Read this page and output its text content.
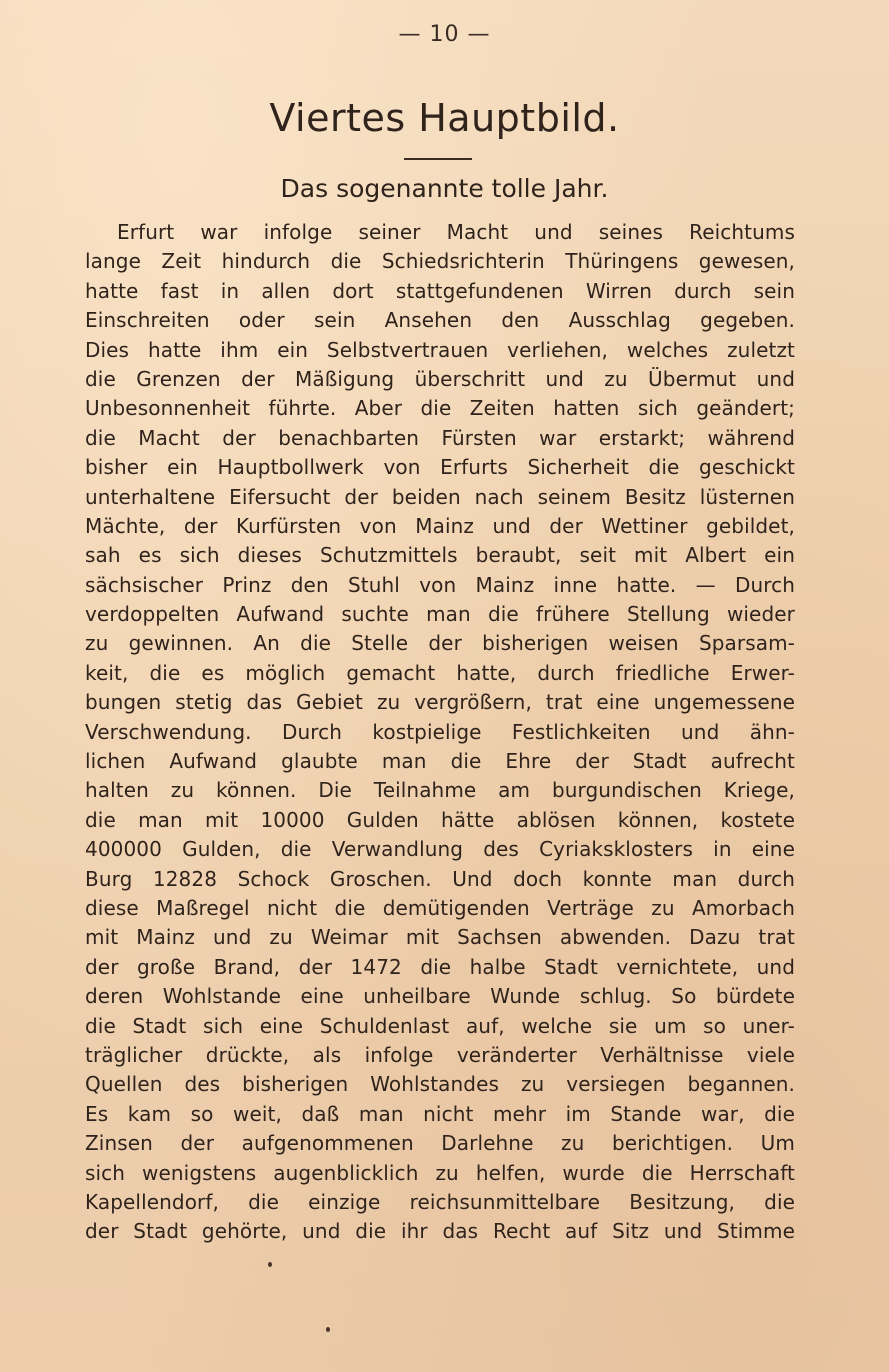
— 10 —
Viertes Hauptbild.
Das sogenannte tolle Jahr.
Erfurt war infolge seiner Macht und seines Reichtums
lange Zeit hindurch die Schiedsrichterin Thüringens gewesen,
hatte fast in allen dort stattgefundenen Wirren durch sein
Einschreiten oder sein Ansehen den Ausschlag gegeben.
Dies hatte ihm ein Selbstvertrauen verliehen, welches zuletzt
die Grenzen der Mäßigung überschritt und zu Übermut und
Unbesonnenheit führte. Aber die Zeiten hatten sich geändert;
die Macht der benachbarten Fürsten war erstarkt; während
bisher ein Hauptbollwerk von Erfurts Sicherheit die geschickt
unterhaltene Eifersucht der beiden nach seinem Besitz lüsternen
Mächte, der Kurfürsten von Mainz und der Wettiner gebildet,
sah es sich dieses Schutzmittels beraubt, seit mit Albert ein
sächsischer Prinz den Stuhl von Mainz inne hatte. — Durch
verdoppelten Aufwand suchte man die frühere Stellung wieder
zu gewinnen. An die Stelle der bisherigen weisen Sparsam-
keit, die es möglich gemacht hatte, durch friedliche Erwer-
bungen stetig das Gebiet zu vergrößern, trat eine ungemessene
Verschwendung. Durch kostpielige Festlichkeiten und ähn-
lichen Aufwand glaubte man die Ehre der Stadt aufrecht
halten zu können. Die Teilnahme am burgundischen Kriege,
die man mit 10000 Gulden hätte ablösen können, kostete
400000 Gulden, die Verwandlung des Cyriaksklosters in eine
Burg 12828 Schock Groschen. Und doch konnte man durch
diese Maßregel nicht die demütigenden Verträge zu Amorbach
mit Mainz und zu Weimar mit Sachsen abwenden. Dazu trat
der große Brand, der 1472 die halbe Stadt vernichtete, und
deren Wohlstande eine unheilbare Wunde schlug. So bürdete
die Stadt sich eine Schuldenlast auf, welche sie um so uner-
träglicher drückte, als infolge veränderter Verhältnisse viele
Quellen des bisherigen Wohlstandes zu versiegen begannen.
Es kam so weit, daß man nicht mehr im Stande war, die
Zinsen der aufgenommenen Darlehne zu berichtigen. Um
sich wenigstens augenblicklich zu helfen, wurde die Herrschaft
Kapellendorf, die einzige reichsunmittelbare Besitzung, die
der Stadt gehörte, und die ihr das Recht auf Sitz und Stimme
